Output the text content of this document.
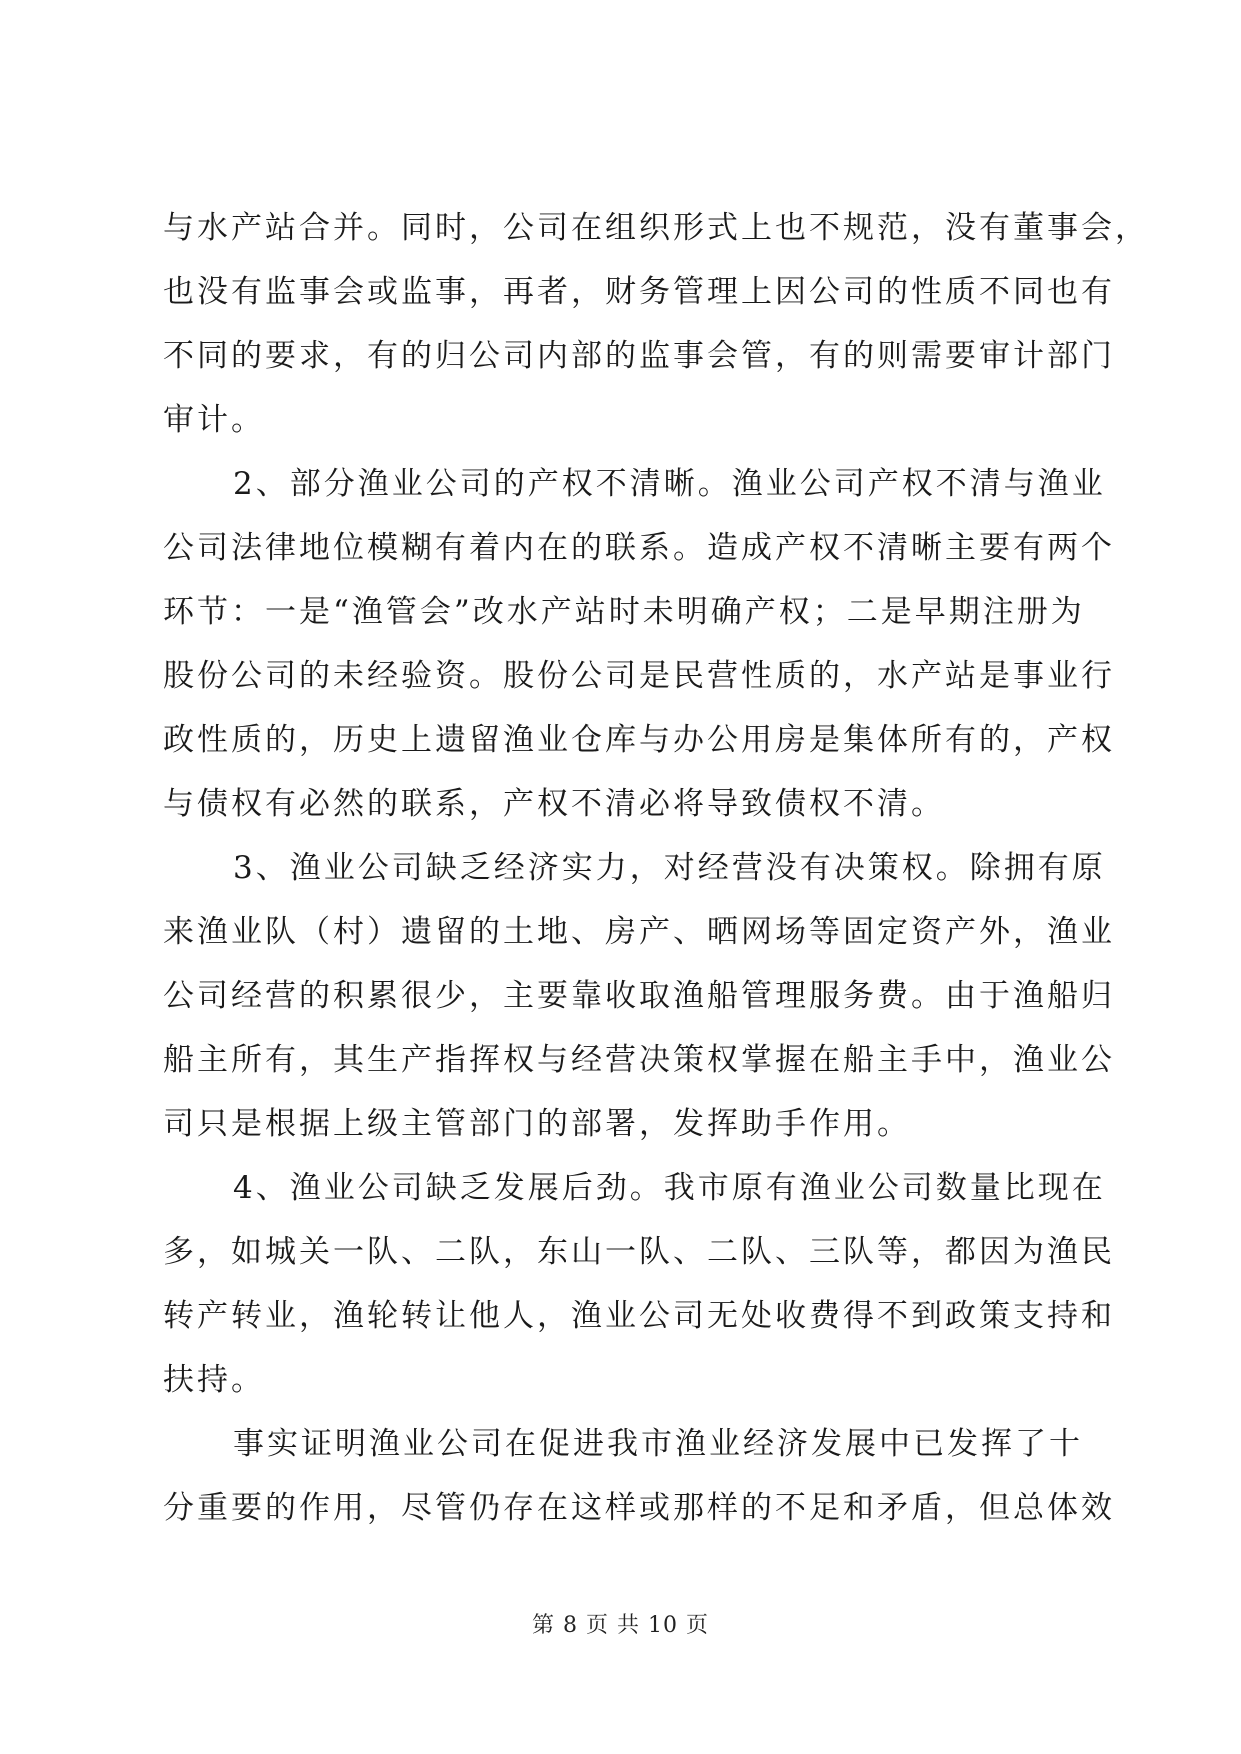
与水产站合并。同时，公司在组织形式上也不规范，没有董事会，
也没有监事会或监事，再者，财务管理上因公司的性质不同也有
不同的要求，有的归公司内部的监事会管，有的则需要审计部门
审计。
2、部分渔业公司的产权不清晰。渔业公司产权不清与渔业
公司法律地位模糊有着内在的联系。造成产权不清晰主要有两个
环节：一是“渔管会”改水产站时未明确产权；二是早期注册为
股份公司的未经验资。股份公司是民营性质的，水产站是事业行
政性质的，历史上遗留渔业仓库与办公用房是集体所有的，产权
与债权有必然的联系，产权不清必将导致债权不清。
3、渔业公司缺乏经济实力，对经营没有决策权。除拥有原
来渔业队（村）遗留的土地、房产、晒网场等固定资产外，渔业
公司经营的积累很少，主要靠收取渔船管理服务费。由于渔船归
船主所有，其生产指挥权与经营决策权掌握在船主手中，渔业公
司只是根据上级主管部门的部署，发挥助手作用。
4、渔业公司缺乏发展后劲。我市原有渔业公司数量比现在
多，如城关一队、二队，东山一队、二队、三队等，都因为渔民
转产转业，渔轮转让他人，渔业公司无处收费得不到政策支持和
扶持。
事实证明渔业公司在促进我市渔业经济发展中已发挥了十
分重要的作用，尽管仍存在这样或那样的不足和矛盾，但总体效
第 8 页 共 10 页
